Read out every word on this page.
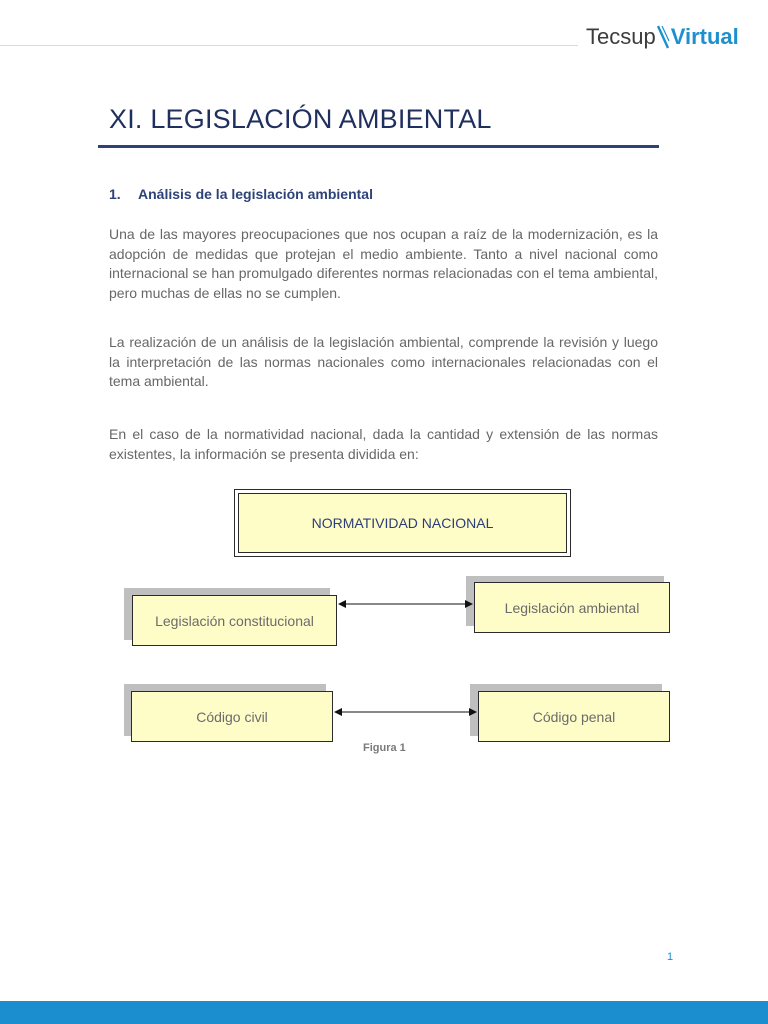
Tecsup Virtual
XI. LEGISLACIÓN AMBIENTAL
1. Análisis de la legislación ambiental

Una de las mayores preocupaciones que nos ocupan a raíz de la modernización, es la adopción de medidas que protejan el medio ambiente. Tanto a nivel nacional como internacional se han promulgado diferentes normas relacionadas con el tema ambiental, pero muchas de ellas no se cumplen.

La realización de un análisis de la legislación ambiental, comprende la revisión y luego la interpretación de las normas nacionales como internacionales relacionadas con el tema ambiental.

En el caso de la normatividad nacional, dada la cantidad y extensión de las normas existentes, la información se presenta dividida en:

NORMATIVIDAD NACIONAL
Legislación constitucional
Legislación ambiental
Código civil	Código penal
Figura 1
1
